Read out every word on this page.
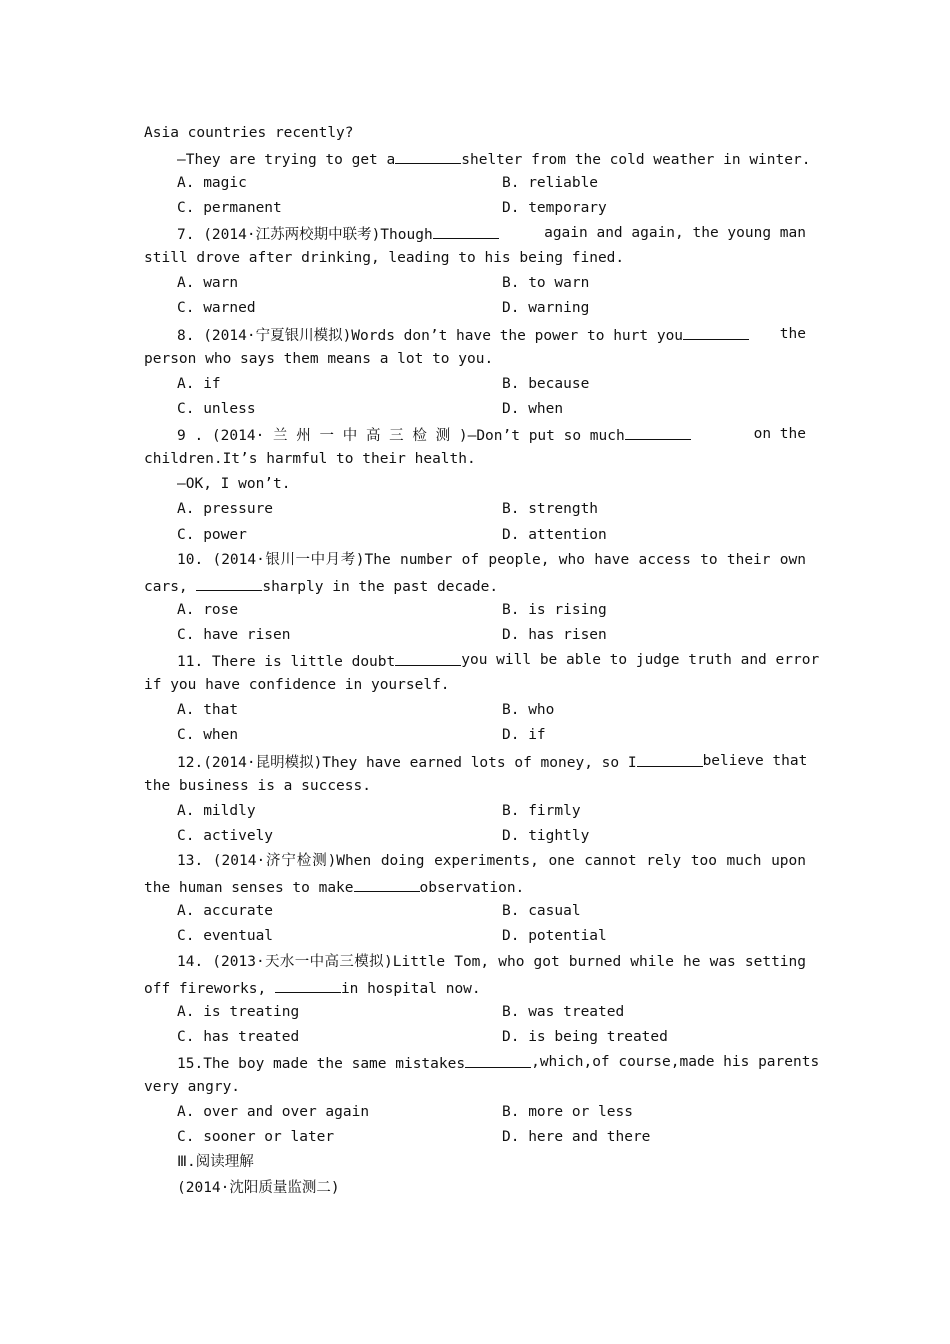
Asia countries recently?
—They are trying to get a	shelter from the cold weather in winter.
A. magic	B. reliable
C. permanent	D. temporary
7. (2014·江苏两校期中联考)Though	again and again, the young man
still drove after drinking, leading to his being fined.
A. warn	B. to warn
C. warned	D. warning
8. (2014·宁夏银川模拟)Words don’t have the power to hurt you	the
person who says them means a lot to you.
A. if	B. because
C. unless	D. when
9 . (2014· 兰 州 一 中 高 三 检 测 )—Don’t put so much	on the
children.It’s harmful to their health.
—OK, I won’t.
A. pressure	B. strength
C. power	D. attention
10. (2014·银川一中月考)The number of people, who have access to their own
cars,	sharply in the past decade.
A. rose	B. is rising
C. have risen	D. has risen
11. There is little doubt	you will be able to judge truth and error
if you have confidence in yourself.
A. that	B. who
C. when	D. if
12.(2014·昆明模拟)They have earned lots of money, so I	believe that
the business is a success.
A. mildly	B. firmly
C. actively	D. tightly
13. (2014·济宁检测)When doing experiments, one cannot rely too much upon
the human senses to make	observation.
A. accurate	B. casual
C. eventual	D. potential
14. (2013·天水一中高三模拟)Little Tom, who got burned while he was setting
off fireworks,	in hospital now.
A. is treating	B. was treated
C. has treated	D. is being treated
15.The boy made the same mistakes	,which,of course,made his parents
very angry.
A. over and over again	B. more or less
C. sooner or later	D. here and there
Ⅲ.阅读理解
(2014·沈阳质量监测二)
